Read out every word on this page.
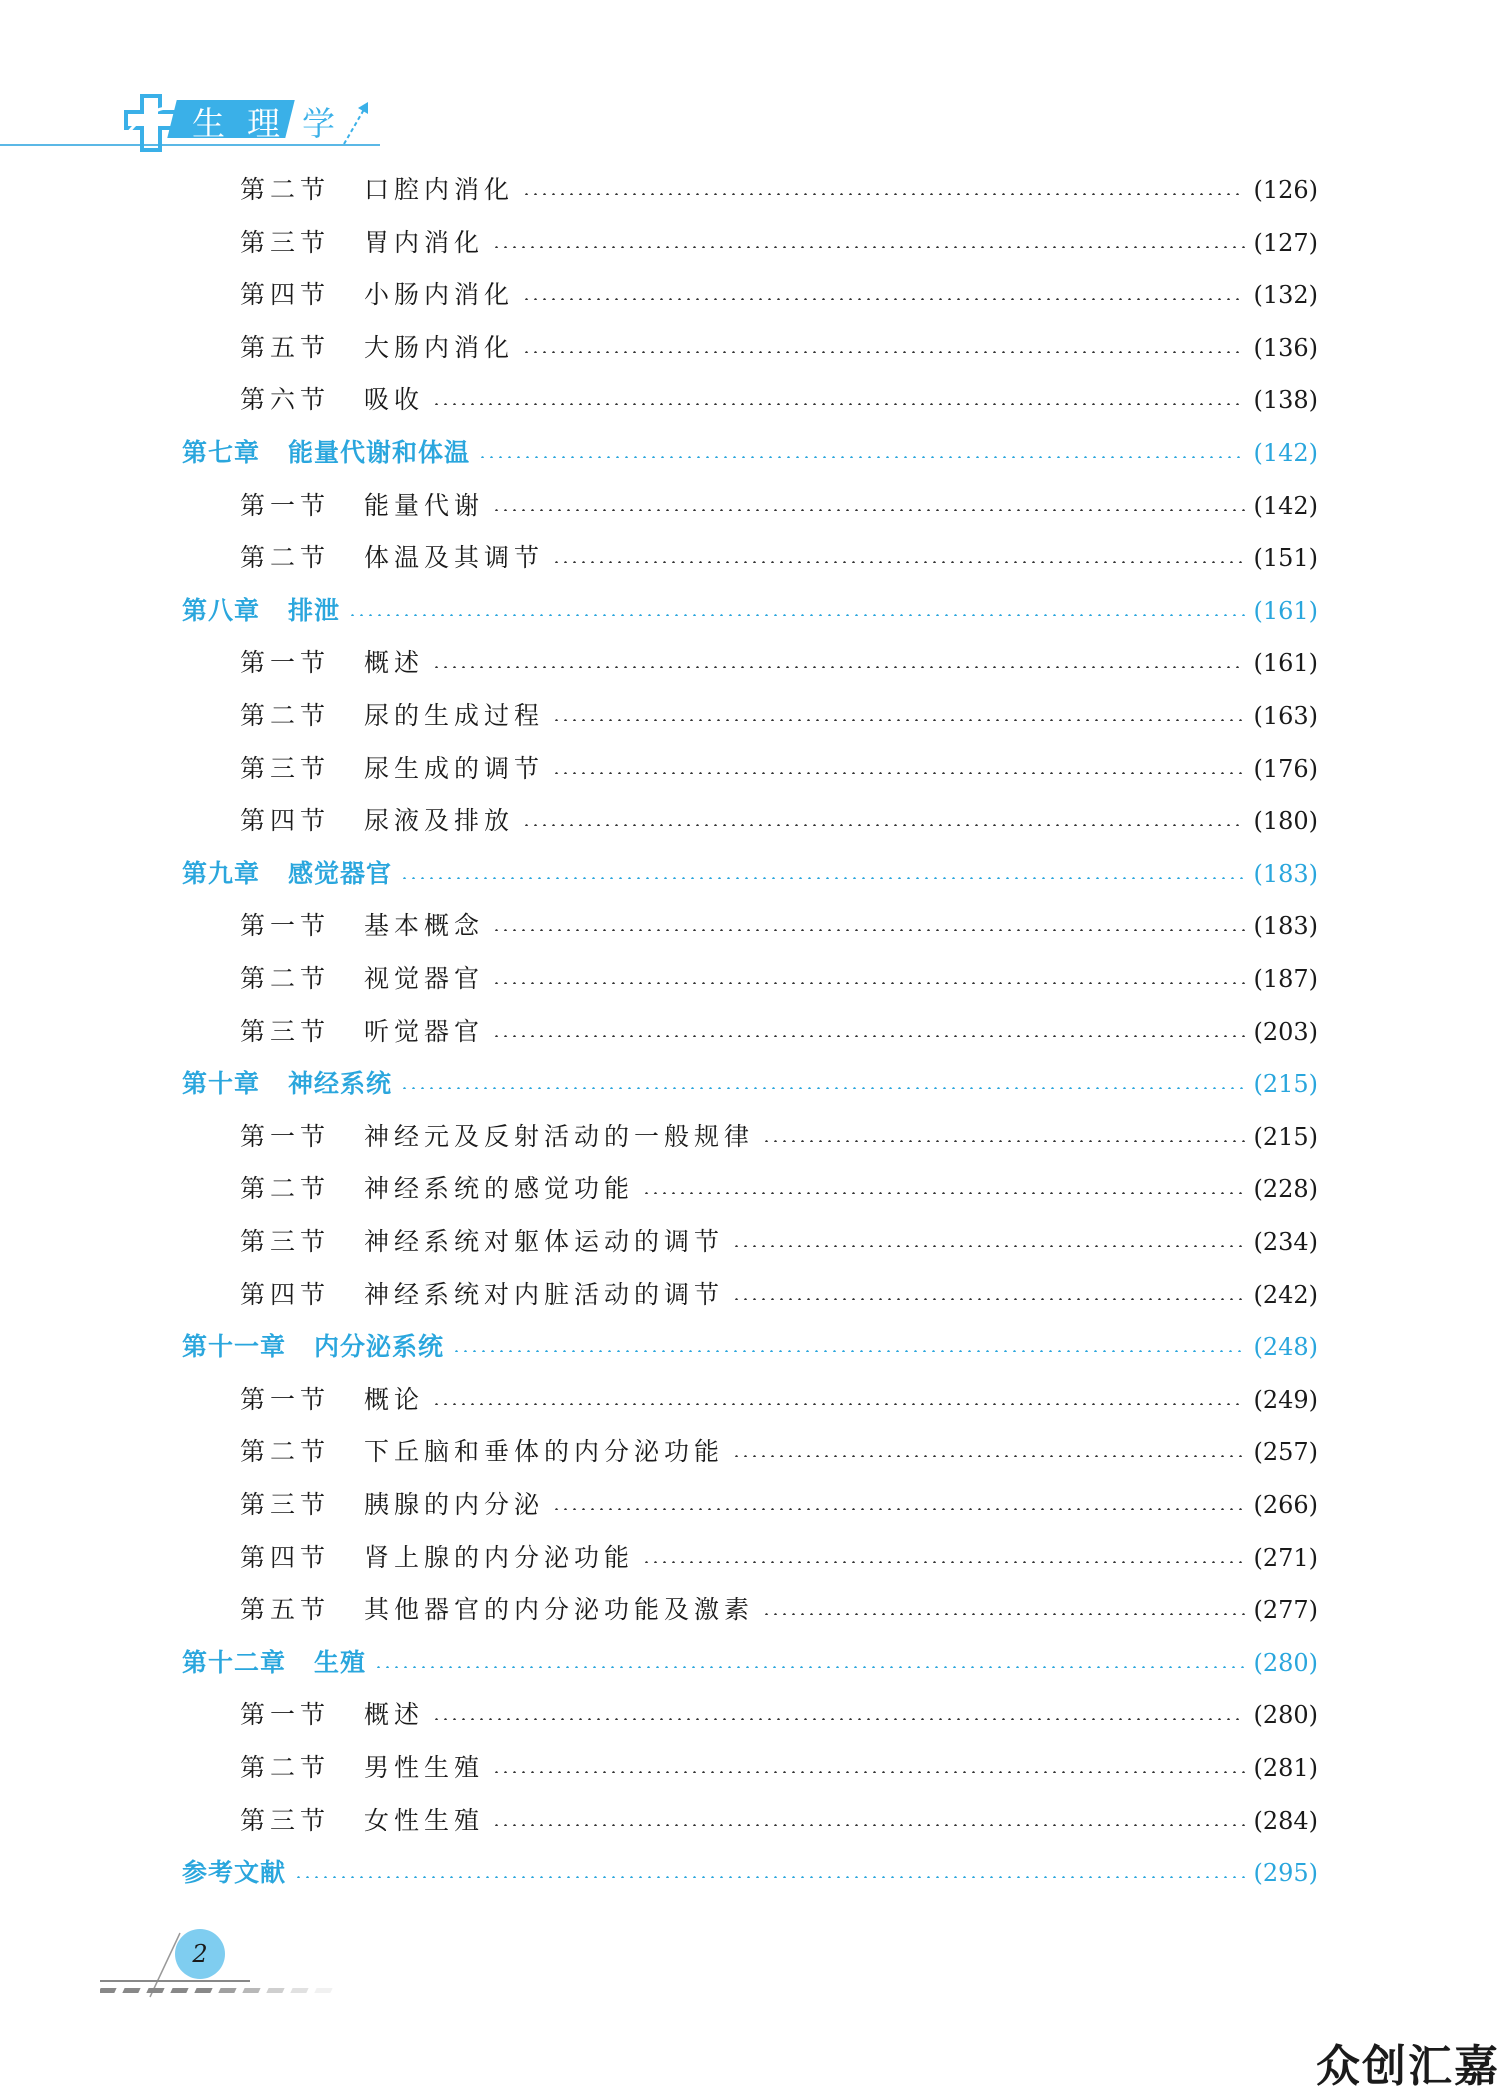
生理学
第二节 口腔内消化	(126)
第三节 胃内消化	(127)
第四节 小肠内消化	(132)
第五节 大肠内消化	(136)
第六节 吸收	(138)
第七章 能量代谢和体温	(142)
第一节 能量代谢	(142)
第二节 体温及其调节	(151)
第八章 排泄	(161)
第一节 概述	(161)
第二节 尿的生成过程	(163)
第三节 尿生成的调节	(176)
第四节 尿液及排放	(180)
第九章 感觉器官	(183)
第一节 基本概念	(183)
第二节 视觉器官	(187)
第三节 听觉器官	(203)
第十章 神经系统	(215)
第一节 神经元及反射活动的一般规律	(215)
第二节 神经系统的感觉功能	(228)
第三节 神经系统对躯体运动的调节	(234)
第四节 神经系统对内脏活动的调节	(242)
第十一章 内分泌系统	(248)
第一节 概论	(249)
第二节 下丘脑和垂体的内分泌功能	(257)
第三节 胰腺的内分泌	(266)
第四节 肾上腺的内分泌功能	(271)
第五节 其他器官的内分泌功能及激素	(277)
第十二章 生殖	(280)
第一节 概述	(280)
第二节 男性生殖	(281)
第三节 女性生殖	(284)
参考文献	(295)
2
众创汇嘉
